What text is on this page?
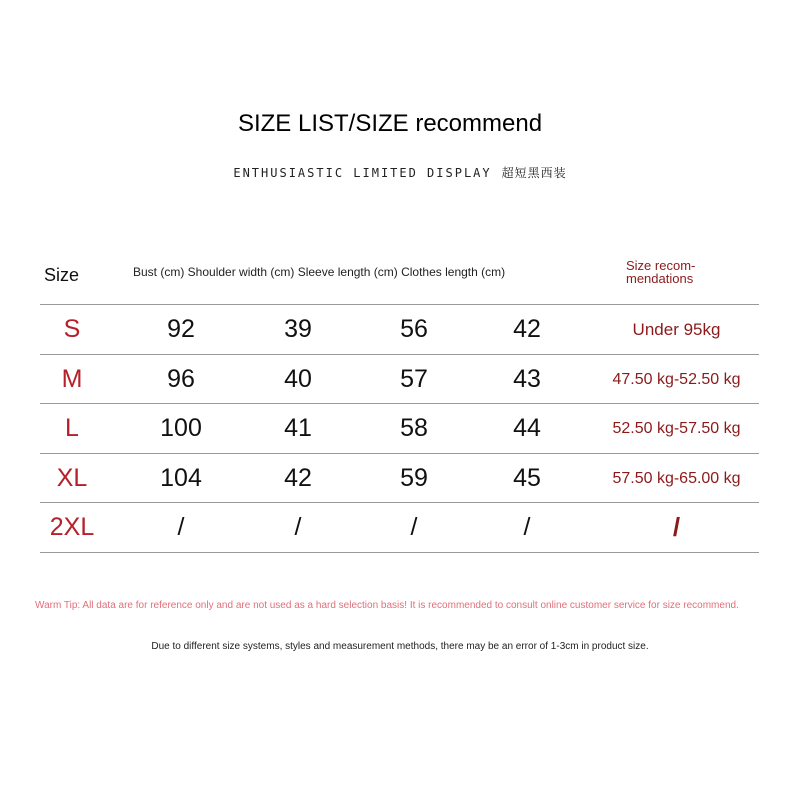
SIZE LIST/SIZE recommend
ENTHUSIASTIC LIMITED DISPLAY 超短黑西装
Size	Bust (cm) Shoulder width (cm) Sleeve length (cm) Clothes length (cm)	Size recom-
mendations
S	92	39	56	42	Under 95kg
M	96	40	57	43	47.50 kg-52.50 kg
L	100	41	58	44	52.50 kg-57.50 kg
XL	104	42	59	45	57.50 kg-65.00 kg
2XL	/	/	/	/	/
Warm Tip: All data are for reference only and are not used as a hard selection basis! It is recommended to consult online customer service for size recommend.
Due to different size systems, styles and measurement methods, there may be an error of 1-3cm in product size.
